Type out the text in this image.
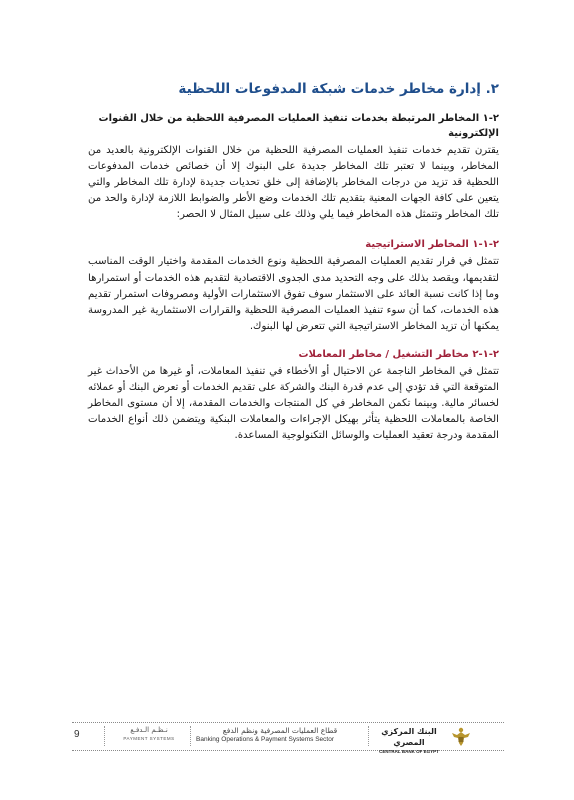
٢. إدارة مخاطر خدمات شبكة المدفوعات اللحظية
٢-١ المخاطر المرتبطة بخدمات تنفيذ العمليات المصرفية اللحظية من خلال القنوات الإلكترونية

يقترن تقديم خدمات تنفيذ العمليات المصرفية اللحظية من خلال القنوات الإلكترونية بالعديد من المخاطر، وبينما لا تعتبر تلك المخاطر جديدة على البنوك إلا أن خصائص خدمات المدفوعات اللحظية قد تزيد من درجات المخاطر بالإضافة إلى خلق تحديات جديدة لإدارة تلك المخاطر والتي يتعين على كافة الجهات المعنية بتقديم تلك الخدمات وضع الأطر والضوابط اللازمة لإدارة والحد من تلك المخاطر وتتمثل هذه المخاطر فيما يلي وذلك على سبيل المثال لا الحصر:

٢-١-١ المخاطر الاستراتيجية

تتمثل في قرار تقديم العمليات المصرفية اللحظية ونوع الخدمات المقدمة واختيار الوقت المناسب لتقديمها، ويقصد بذلك على وجه التحديد مدى الجدوى الاقتصادية لتقديم هذه الخدمات أو استمرارها وما إذا كانت نسبة العائد على الاستثمار سوف تفوق الاستثمارات الأولية ومصروفات استمرار تقديم هذه الخدمات، كما أن سوء تنفيذ العمليات المصرفية اللحظية والقرارات الاستثمارية غير المدروسة يمكنها أن تزيد المخاطر الاستراتيجية التي تتعرض لها البنوك.

٢-١-٢ مخاطر التشغيل / مخاطر المعاملات

تتمثل في المخاطر الناجمة عن الاحتيال أو الأخطاء في تنفيذ المعاملات، أو غيرها من الأحداث غير المتوقعة التي قد تؤدي إلى عدم قدرة البنك والشركة على تقديم الخدمات أو تعرض البنك أو عملائه لخسائر مالية. وبينما تكمن المخاطر في كل المنتجات والخدمات المقدمة، إلا أن مستوى المخاطر الخاصة بالمعاملات اللحظية يتأثر بهيكل الإجراءات والمعاملات البنكية ويتضمن ذلك أنواع الخدمات المقدمة ودرجة تعقيد العمليات والوسائل التكنولوجية المساعدة.

9	نـظـم الـدفـع
PAYMENT SYSTEMS
قطاع العمليات المصرفية ونظم الدفع
Banking Operations & Payment Systems Sector
البنك المركزي المصري
CENTRAL BANK OF EGYPT
